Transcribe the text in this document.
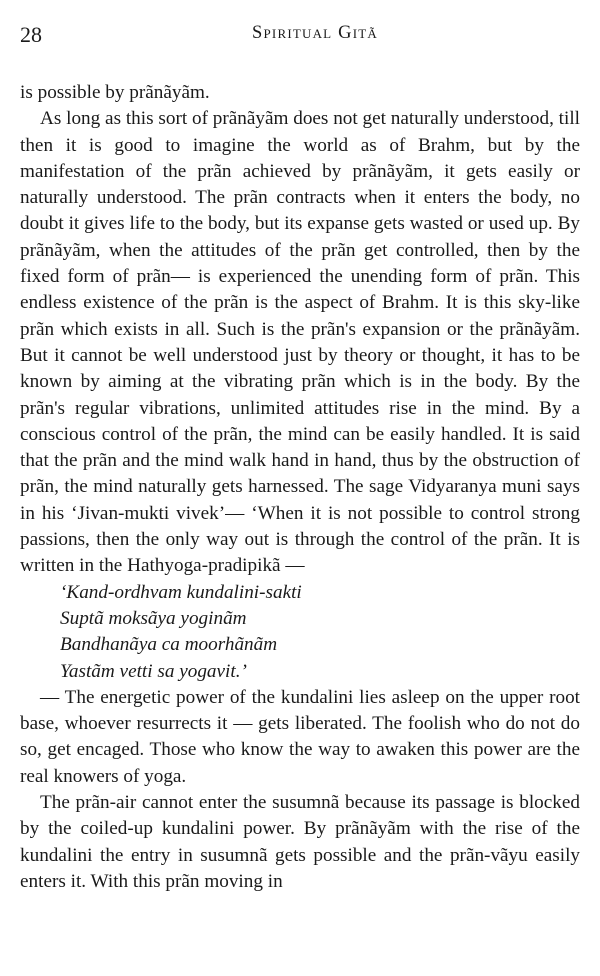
28	Spiritual Gitã

is possible by prãnãyãm.

As long as this sort of prãnãyãm does not get naturally understood, till then it is good to imagine the world as of Brahm, but by the manifestation of the prãn achieved by prãnãyãm, it gets easily or naturally understood. The prãn contracts when it enters the body, no doubt it gives life to the body, but its expanse gets wasted or used up. By prãnãyãm, when the attitudes of the prãn get controlled, then by the fixed form of prãn— is experienced the unending form of prãn. This endless existence of the prãn is the aspect of Brahm. It is this sky-like prãn which exists in all. Such is the prãn's expansion or the prãnãyãm. But it cannot be well understood just by theory or thought, it has to be known by aiming at the vibrating prãn which is in the body. By the prãn's regular vibrations, unlimited attitudes rise in the mind. By a conscious control of the prãn, the mind can be easily handled. It is said that the prãn and the mind walk hand in hand, thus by the obstruction of prãn, the mind naturally gets harnessed. The sage Vidyaranya muni says in his ‘Jivan-mukti vivek’— ‘When it is not possible to control strong passions, then the only way out is through the control of the prãn. It is written in the Hathyoga-pradipikã —

‘Kand-ordhvam kundalini-sakti
Suptã moksãya yoginãm
Bandhanãya ca moorhãnãm
Yastãm vetti sa yogavit.’

— The energetic power of the kundalini lies asleep on the upper root base, whoever resurrects it — gets liberated. The foolish who do not do so, get encaged. Those who know the way to awaken this power are the real knowers of yoga.

The prãn-air cannot enter the susumnã because its passage is blocked by the coiled-up kundalini power. By prãnãyãm with the rise of the kundalini the entry in susumnã gets possible and the prãn-vãyu easily enters it. With this prãn moving in
